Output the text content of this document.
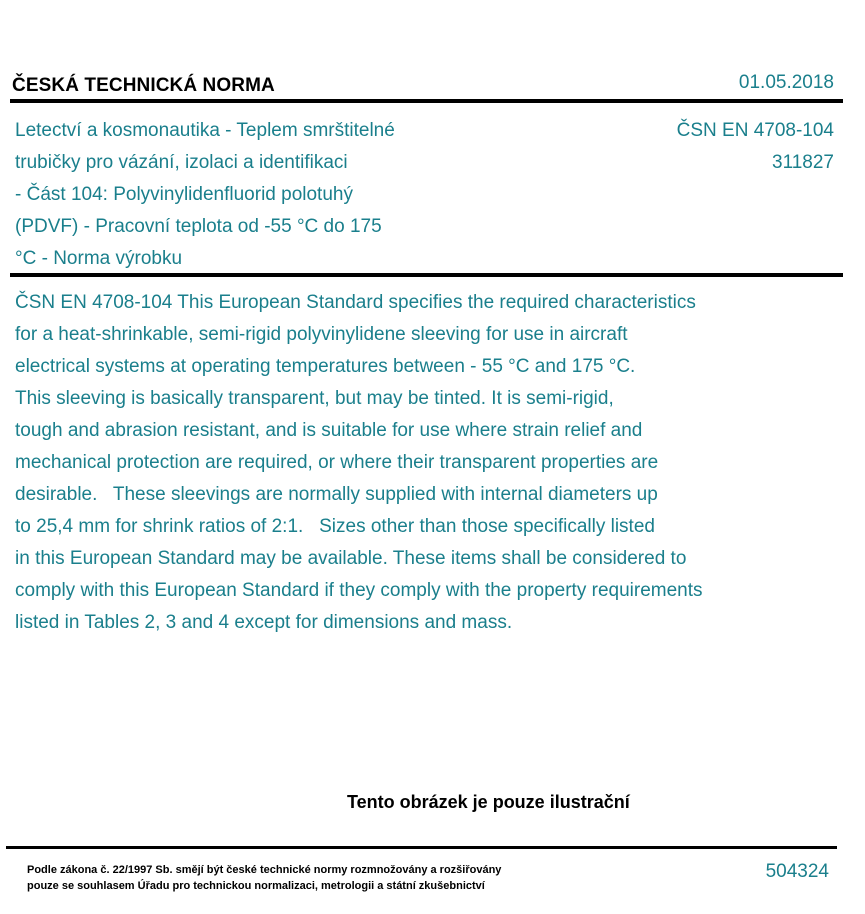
ČESKÁ TECHNICKÁ NORMA	01.05.2018
Letectví a kosmonautika - Teplem smrštitelné
trubičky pro vázání, izolaci a identifikaci
- Část 104: Polyvinylidenfluorid polotuhý
(PDVF) - Pracovní teplota od -55 °C do 175
°C - Norma výrobku
ČSN EN 4708-104
311827
ČSN EN 4708-104 This European Standard specifies the required characteristics
for a heat-shrinkable, semi-rigid polyvinylidene sleeving for use in aircraft
electrical systems at operating temperatures between - 55 °C and 175 °C.
This sleeving is basically transparent, but may be tinted. It is semi-rigid,
tough and abrasion resistant, and is suitable for use where strain relief and
mechanical protection are required, or where their transparent properties are
desirable.   These sleevings are normally supplied with internal diameters up
to 25,4 mm for shrink ratios of 2:1.   Sizes other than those specifically listed
in this European Standard may be available. These items shall be considered to
comply with this European Standard if they comply with the property requirements
listed in Tables 2, 3 and 4 except for dimensions and mass.
Tento obrázek je pouze ilustrační
Podle zákona č. 22/1997 Sb. smějí být české technické normy rozmnožovány a rozšiřovány
pouze se souhlasem Úřadu pro technickou normalizaci, metrologii a státní zkušebnictví
504324
